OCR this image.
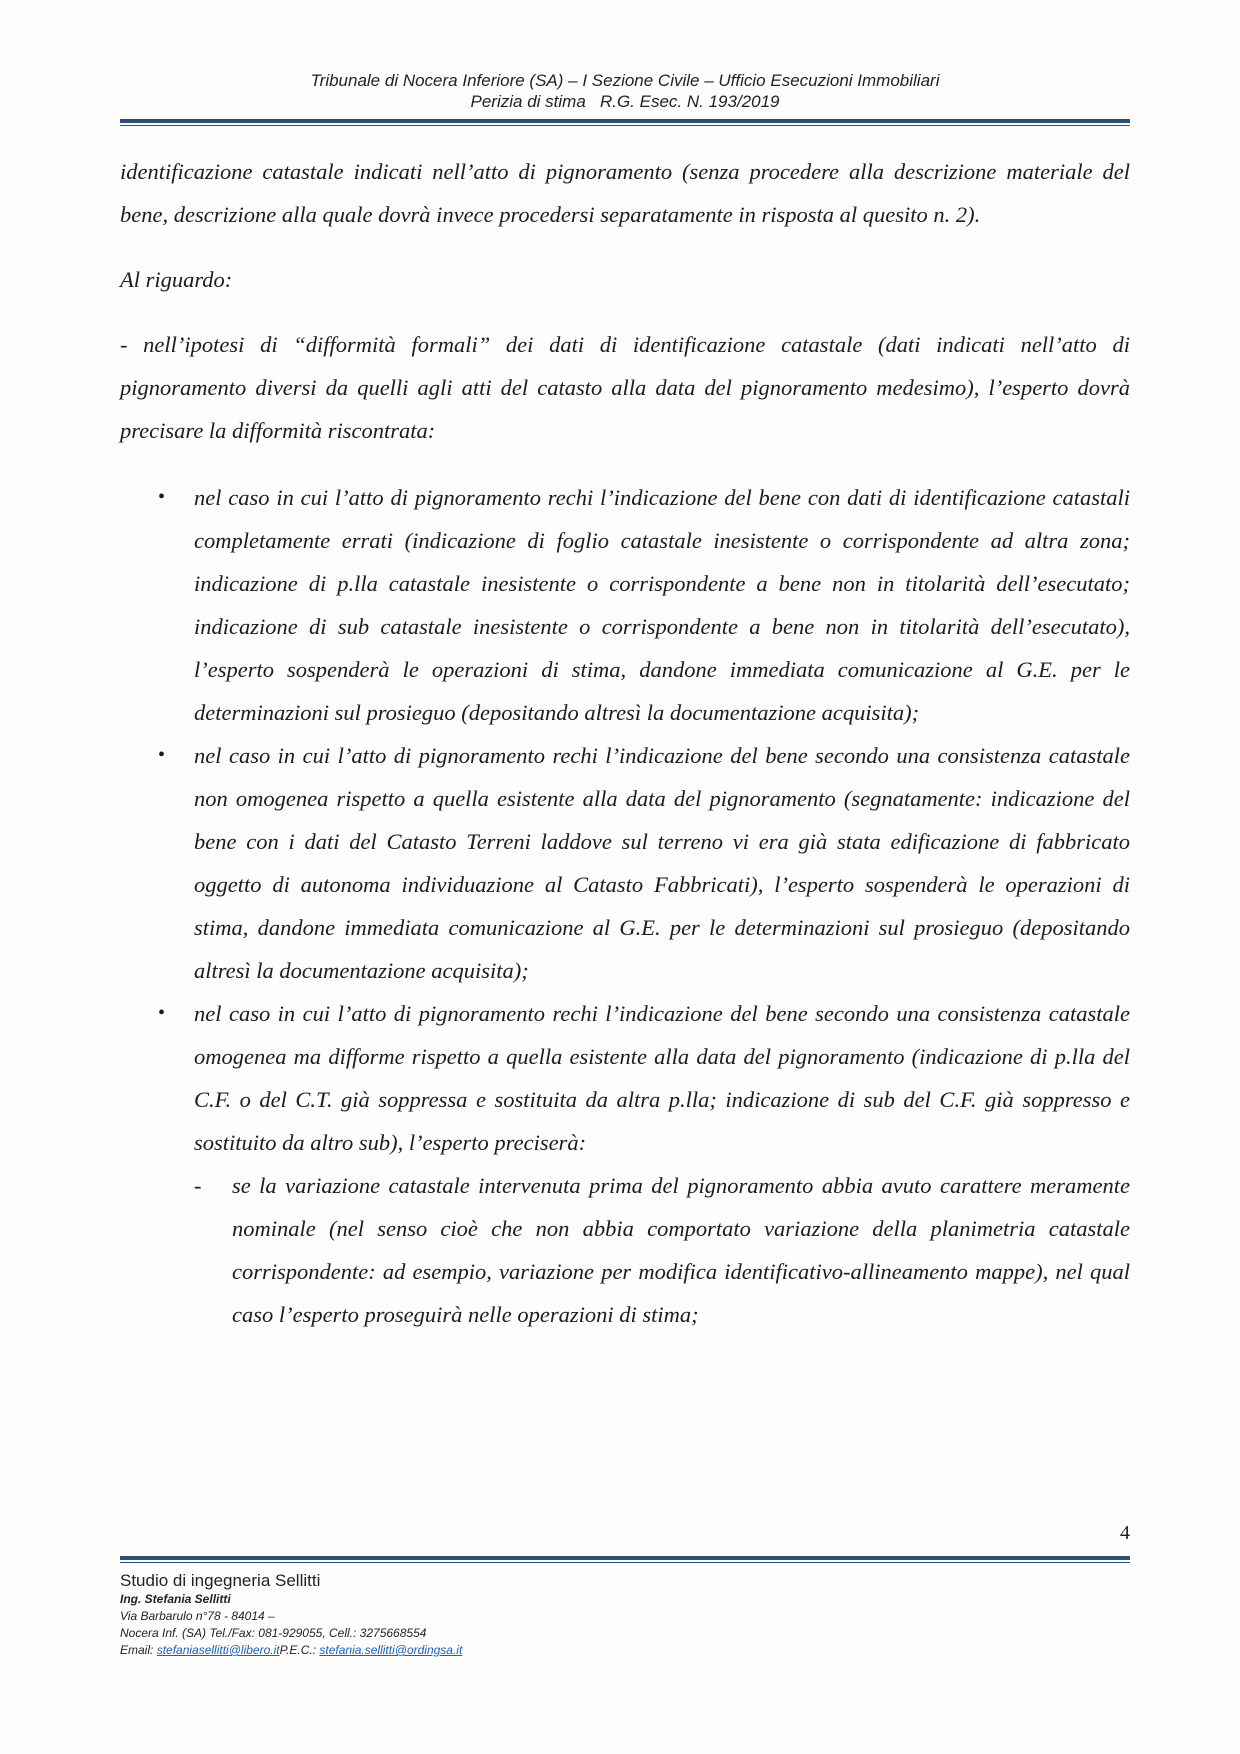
Tribunale di Nocera Inferiore (SA) – I Sezione Civile – Ufficio Esecuzioni Immobiliari
Perizia di stima   R.G. Esec. N. 193/2019

identificazione catastale indicati nell’atto di pignoramento (senza procedere alla descrizione materiale del bene, descrizione alla quale dovrà invece procedersi separatamente in risposta al quesito n. 2).

Al riguardo:

- nell’ipotesi di “difformità formali” dei dati di identificazione catastale (dati indicati nell’atto di pignoramento diversi da quelli agli atti del catasto alla data del pignoramento medesimo), l’esperto dovrà precisare la difformità riscontrata:

• nel caso in cui l’atto di pignoramento rechi l’indicazione del bene con dati di identificazione catastali completamente errati (indicazione di foglio catastale inesistente o corrispondente ad altra zona; indicazione di p.lla catastale inesistente o corrispondente a bene non in titolarità dell’esecutato; indicazione di sub catastale inesistente o corrispondente a bene non in titolarità dell’esecutato), l’esperto sospenderà le operazioni di stima, dandone immediata comunicazione al G.E. per le determinazioni sul prosieguo (depositando altresì la documentazione acquisita);
• nel caso in cui l’atto di pignoramento rechi l’indicazione del bene secondo una consistenza catastale non omogenea rispetto a quella esistente alla data del pignoramento (segnatamente: indicazione del bene con i dati del Catasto Terreni laddove sul terreno vi era già stata edificazione di fabbricato oggetto di autonoma individuazione al Catasto Fabbricati), l’esperto sospenderà le operazioni di stima, dandone immediata comunicazione al G.E. per le determinazioni sul prosieguo (depositando altresì la documentazione acquisita);
• nel caso in cui l’atto di pignoramento rechi l’indicazione del bene secondo una consistenza catastale omogenea ma difforme rispetto a quella esistente alla data del pignoramento (indicazione di p.lla del C.F. o del C.T. già soppressa e sostituita da altra p.lla; indicazione di sub del C.F. già soppresso e sostituito da altro sub), l’esperto preciserà:
- se la variazione catastale intervenuta prima del pignoramento abbia avuto carattere meramente nominale (nel senso cioè che non abbia comportato variazione della planimetria catastale corrispondente: ad esempio, variazione per modifica identificativo-allineamento mappe), nel qual caso l’esperto proseguirà nelle operazioni di stima;
4
Studio di ingegneria Sellitti
Ing. Stefania Sellitti
Via Barbarulo n°78 - 84014 –
Nocera Inf. (SA) Tel./Fax: 081-929055, Cell.: 3275668554
Email: stefaniasellitti@libero.itP.E.C.: stefania.sellitti@ordingsa.it
